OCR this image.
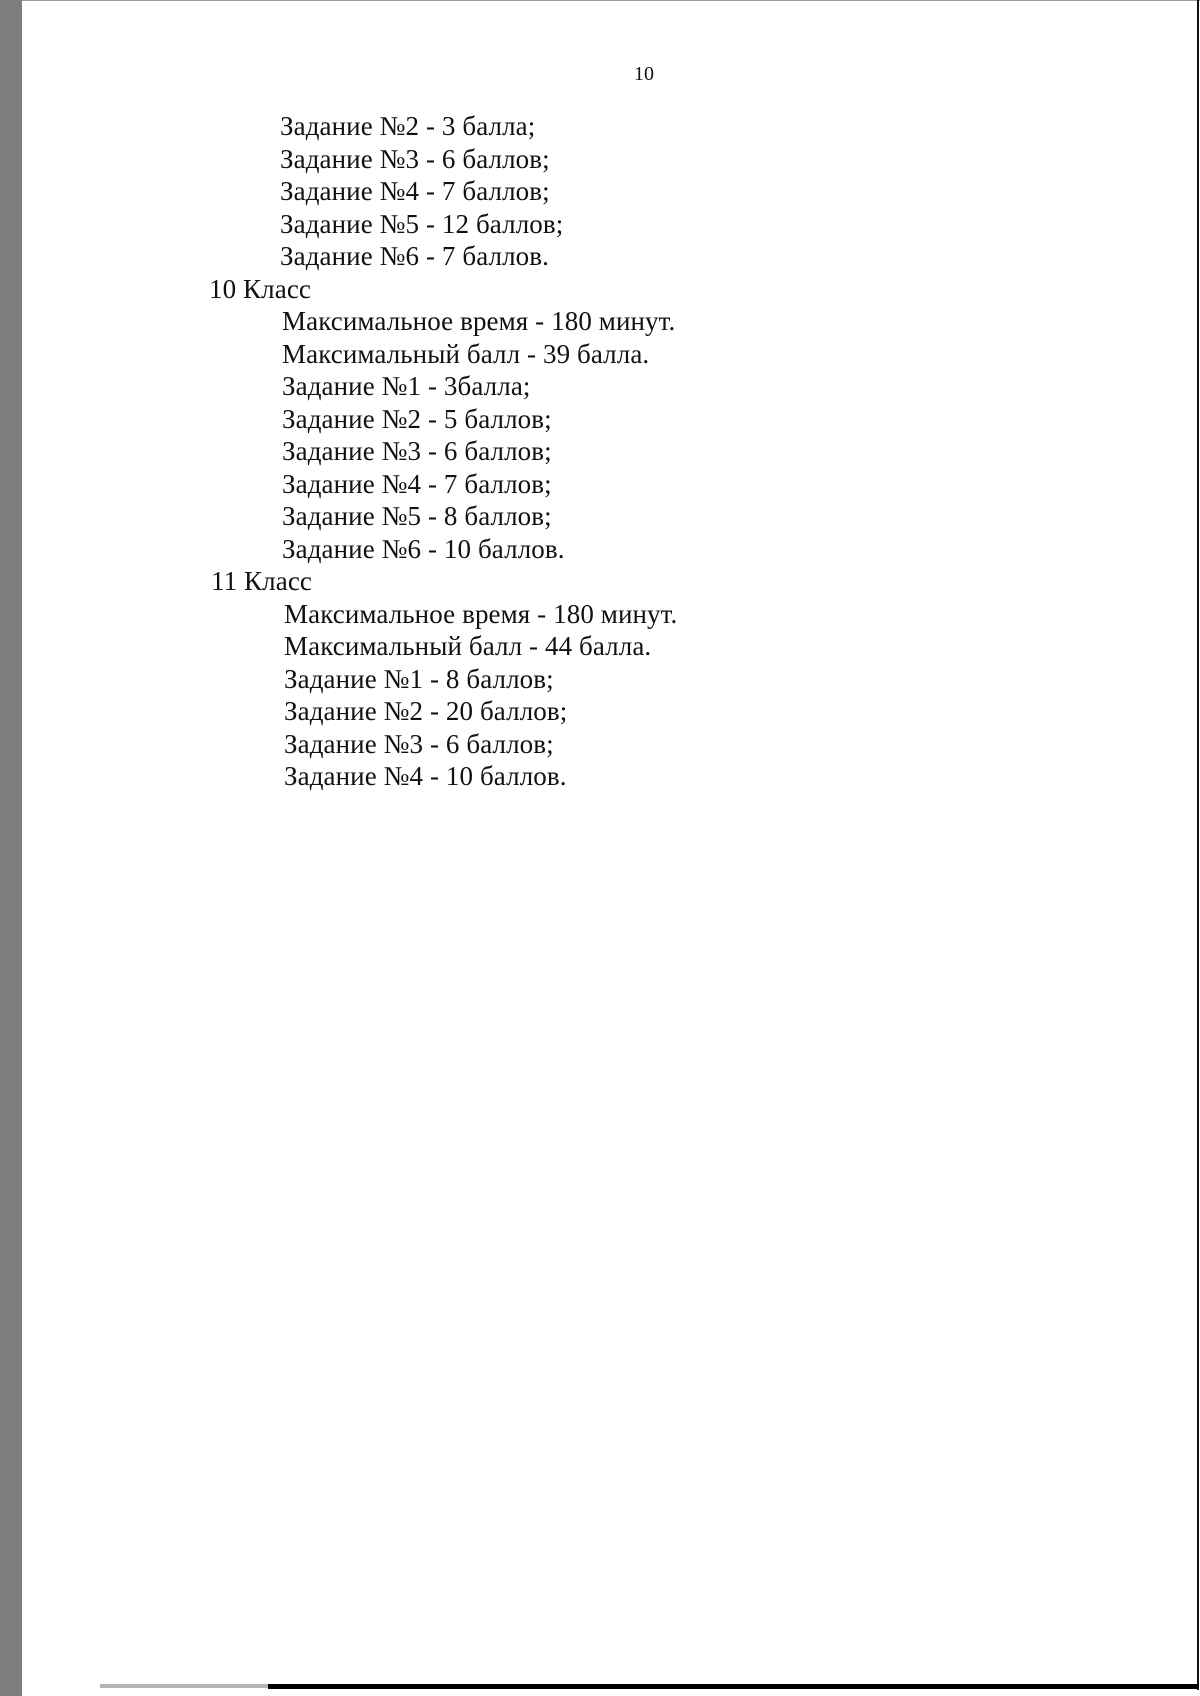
10
Задание №2 - 3 балла;
Задание №3 - 6 баллов;
Задание №4 - 7 баллов;
Задание №5 - 12 баллов;
Задание №6 - 7 баллов.
10 Класс
Максимальное время - 180 минут.
Максимальный балл - 39 балла.
Задание №1 - 3балла;
Задание №2 - 5 баллов;
Задание №3 - 6 баллов;
Задание №4 - 7 баллов;
Задание №5 - 8 баллов;
Задание №6 - 10 баллов.
11 Класс
Максимальное время - 180 минут.
Максимальный балл - 44 балла.
Задание №1 - 8 баллов;
Задание №2 - 20 баллов;
Задание №3 - 6 баллов;
Задание №4 - 10 баллов.
